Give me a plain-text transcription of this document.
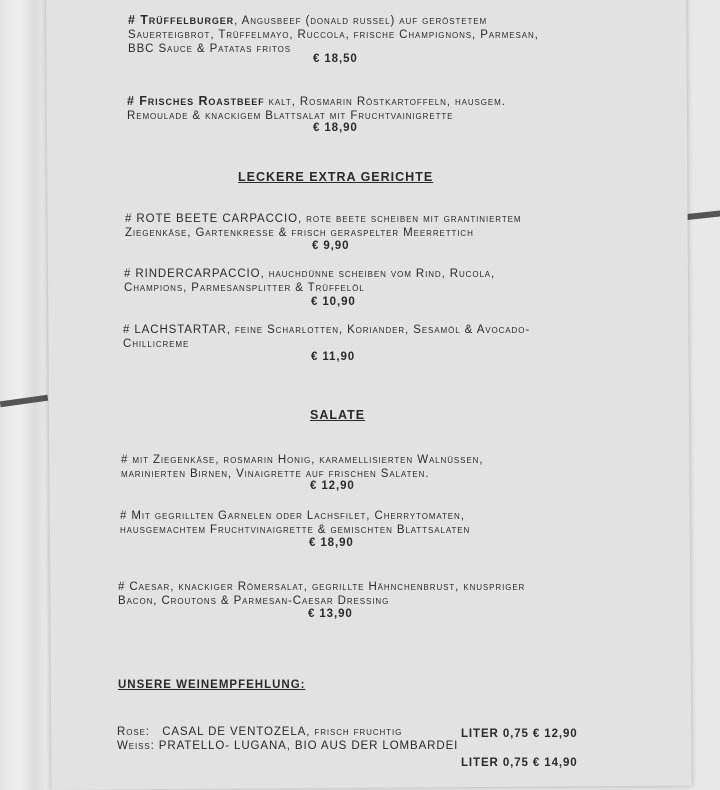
# Trüffelburger, Angusbeef (donald russel) auf geröstetem
Sauerteigbrot, Trüffelmayo, Ruccola, frische Champignons, Parmesan,
BBC Sauce & Patatas fritos
€ 18,50
# Frisches Roastbeef kalt, Rosmarin Röstkartoffeln, hausgem.
Remoulade & knackigem Blattsalat mit Fruchtvainigrette
€ 18,90
LECKERE EXTRA GERICHTE
# ROTE BEETE CARPACCIO, rote beete scheiben mit grantiniertem
Ziegenkäse, Gartenkresse & frisch geraspelter Meerrettich
€ 9,90
# RINDERCARPACCIO, hauchdünne scheiben vom Rind, Rucola,
Champions, Parmesansplitter & Trüffelöl
€ 10,90
# LACHSTARTAR, feine Scharlotten, Koriander, Sesamöl & Avocado-
Chillicreme
€ 11,90
SALATE
# mit Ziegenkäse, rosmarin Honig, karamellisierten Walnüssen,
marinierten Birnen, Vinaigrette auf frischen Salaten.
€ 12,90
# Mit gegrillten Garnelen oder Lachsfilet, Cherrytomaten,
hausgemachtem Fruchtvinaigrette & gemischten Blattsalaten
€ 18,90
# Caesar, knackiger Römersalat, gegrillte Hähnchenbrust, knuspriger
Bacon, Croutons & Parmesan-Caesar Dressing
€ 13,90
UNSERE WEINEMPFEHLUNG:
Rose: CASAL DE VENTOZELA, frisch fruchtig	LITER 0,75 € 12,90
Weiss: PRATELLO- LUGANA, BIO AUS DER LOMBARDEI
LITER 0,75 € 14,90
